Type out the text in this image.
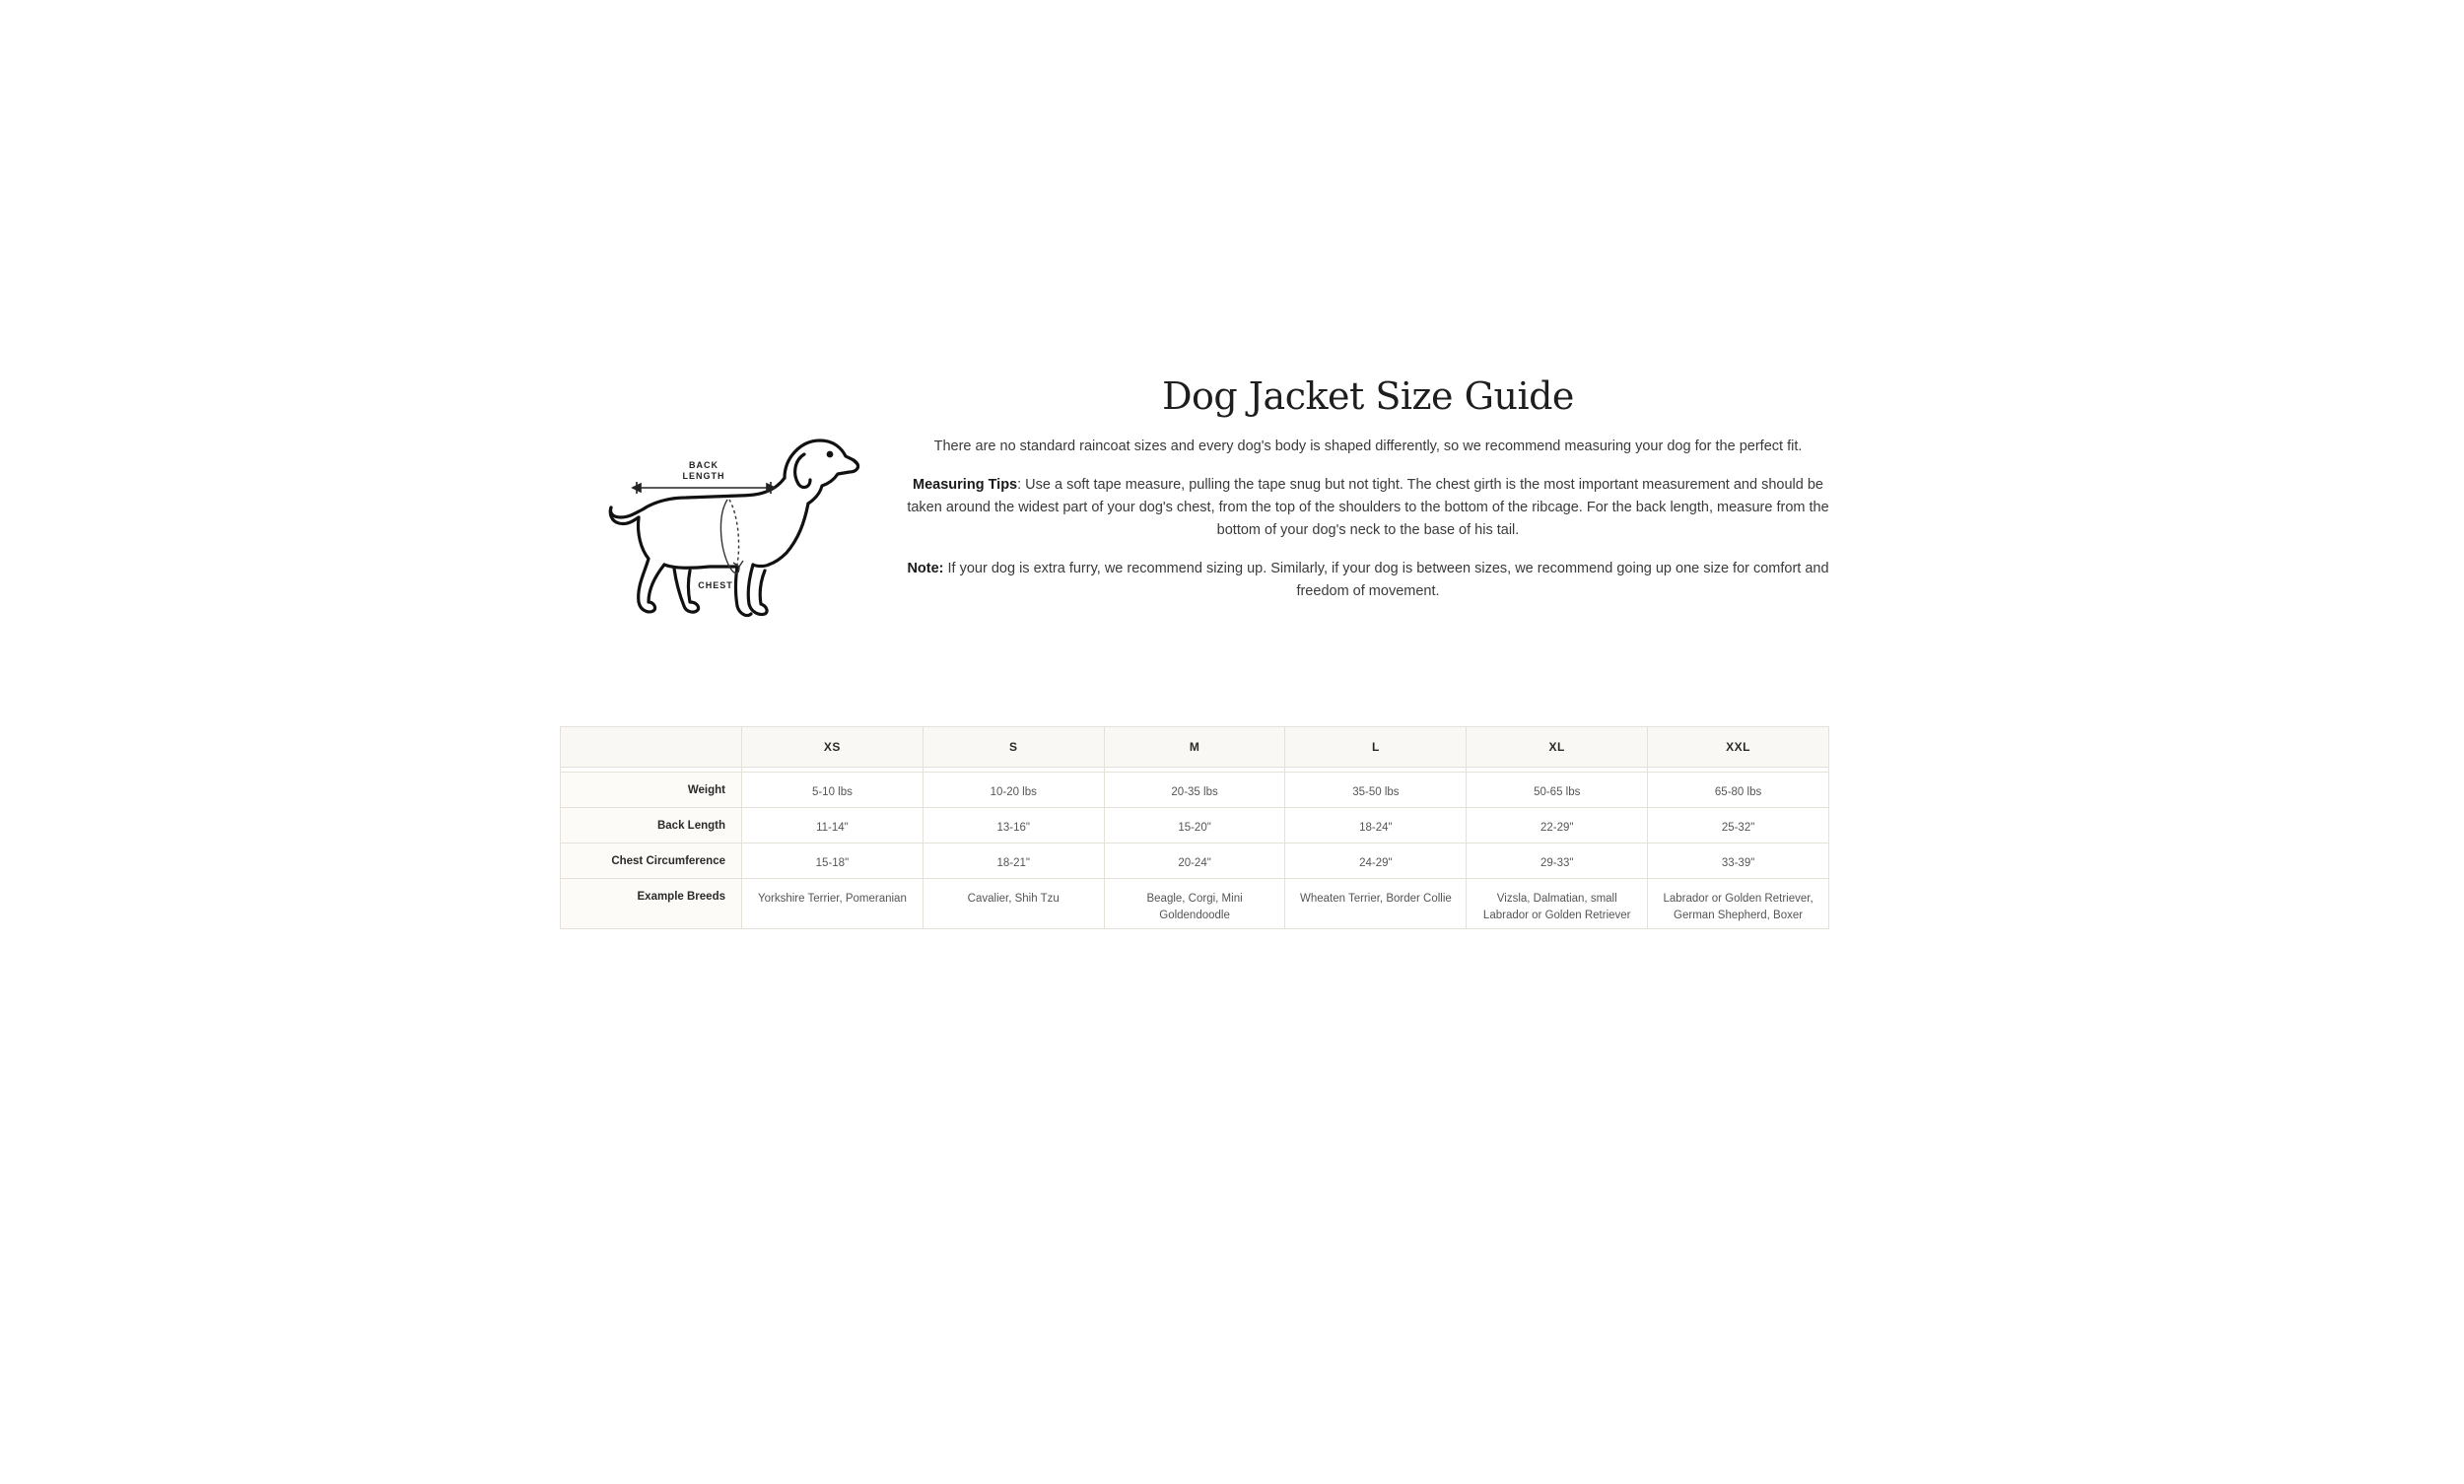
BACK
LENGTH
CHEST
Dog Jacket Size Guide

There are no standard raincoat sizes and every dog's body is shaped differently, so we recommend measuring your dog for the perfect fit.

Measuring Tips: Use a soft tape measure, pulling the tape snug but not tight. The chest girth is the most important measurement and should be taken around the widest part of your dog's chest, from the top of the shoulders to the bottom of the ribcage. For the back length, measure from the bottom of your dog's neck to the base of his tail.

Note: If your dog is extra furry, we recommend sizing up. Similarly, if your dog is between sizes, we recommend going up one size for comfort and freedom of movement.

	XS	S	M	L	XL	XXL

Weight	5-10 lbs	10-20 lbs	20-35 lbs	35-50 lbs	50-65 lbs	65-80 lbs
Back Length	11-14"	13-16"	15-20"	18-24"	22-29"	25-32"
Chest Circumference	15-18"	18-21"	20-24"	24-29"	29-33"	33-39"
Example Breeds	Yorkshire Terrier, Pomeranian	Cavalier, Shih Tzu	Beagle, Corgi, Mini Goldendoodle	Wheaten Terrier, Border Collie	Vizsla, Dalmatian, small Labrador or Golden Retriever	Labrador or Golden Retriever, German Shepherd, Boxer
